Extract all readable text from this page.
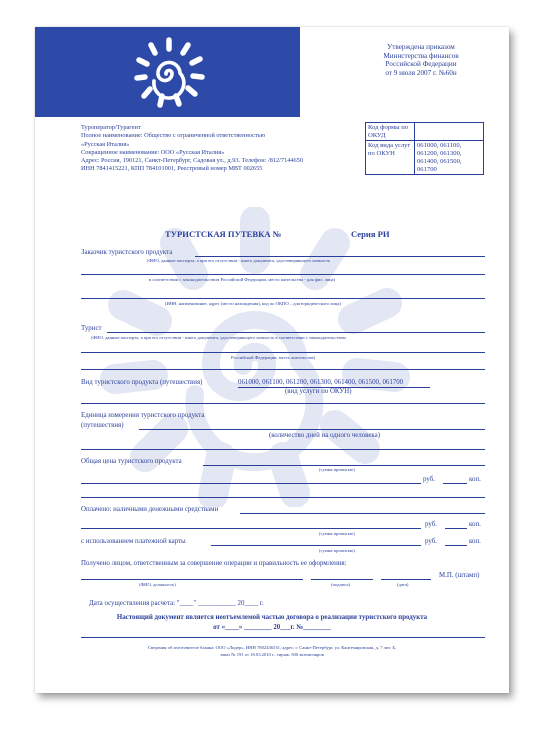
Утверждена приказом
Министерства финансов
Российской Федерации
от 9 июля 2007 г. №60н
Туроператор/Турагент
Полное наименование: Общество с ограниченной ответственностью
«Русская Италия»
Сокращенное наименование: ООО «Русская Италия»
Адрес: Россия, 190121, Санкт-Петербург, Садовая ул., д.93. Телефон: /812/7144650
ИНН 7841415221, КПП 784101001, Реестровый номер МВТ 002655
Код формы по ОКУД	
Код вида услуг по ОКУН	061000, 061100,
061200, 061300,
061400, 061500,
061700
ТУРИСТСКАЯ ПУТЕВКА №	Серия РИ
Заказчик туристского продукта
(ФИО, данные паспорта, а при его отсутствии - иного документа, удостоверяющего личность
в соответствии с законодательством Российской Федерации, место жительства - для физ. лица)
(ИНН, наименование, адрес (место нахождения), код по ОКПО – для юридического лица)
Турист
(ФИО, данные паспорта, а при его отсутствии - иного документа, удостоверяющего личность в соответствии с законодательством
Российской Федерации, место жительства)
Вид туристского продукта (путешествия)	061000, 061100, 061200, 061300, 061400, 061500, 061700
(вид услуги по ОКУН)
Единица измерения туристского продукта
(путешествия)
(количество дней на одного человека)
Общая цена туристского продукта
(сумма прописью)
руб.	коп.
Оплачено: наличными денежными средствами
руб.	коп.
(сумма прописью)
с использованием платежной карты	руб.	коп.
(сумма прописью)
Получено лицом, ответственным за совершение операции и правильность ее оформления:
М.П. (штамп)
(ФИО, должность)	(подпись)	(дата)
Дата осуществления расчета: "____" ___________ 20____ г.
Настоящий документ является неотъемлемой частью договора о реализации туристского продукта
от «____» ________ 20___г. №________
Сведения об изготовителе бланка: ООО «Лидер», ИНН 7802436531, адрес: г. Санкт-Петербург, ул. Кантемировская, д. 7 лит. Б,
заказ № 191 от 18.03.2010 г., тираж: 500 экземпляров
